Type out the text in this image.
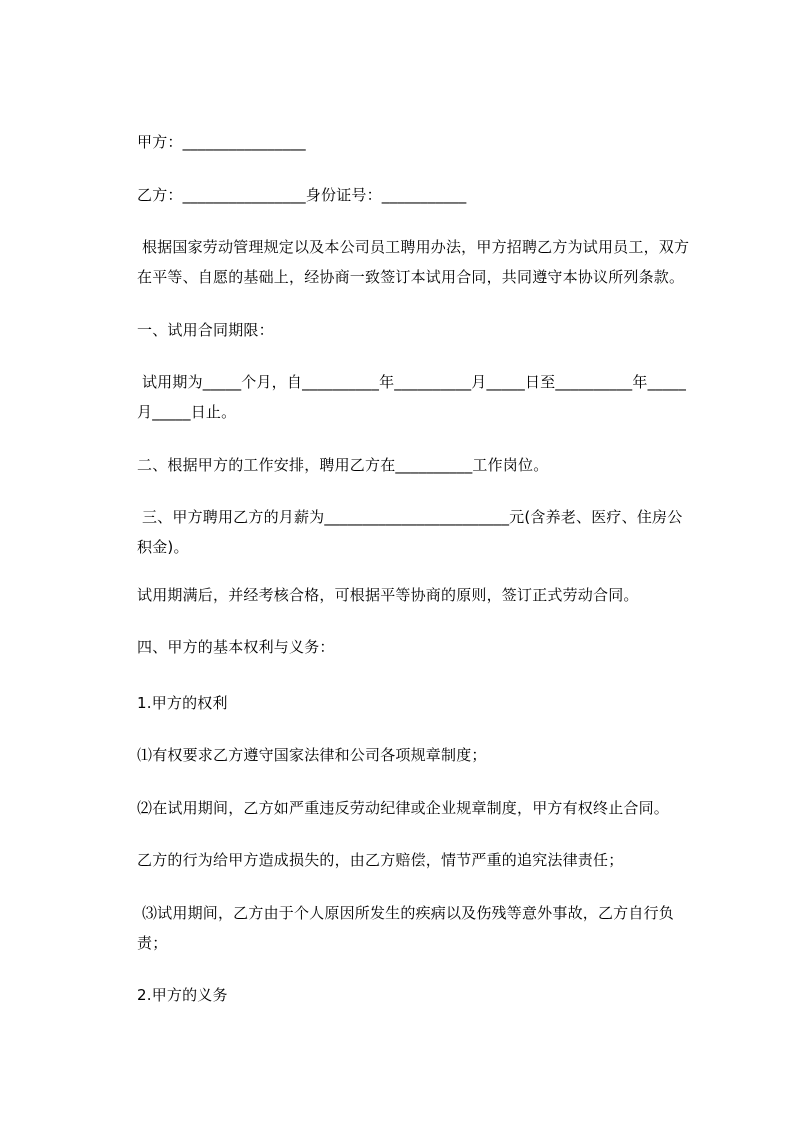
甲方：________________

乙方：________________身份证号：___________

根据国家劳动管理规定以及本公司员工聘用办法，甲方招聘乙方为试用员工，双方在平等、自愿的基础上，经协商一致签订本试用合同，共同遵守本协议所列条款。

一、试用合同期限：

试用期为_____个月，自__________年__________月_____日至__________年_____月_____日止。

二、根据甲方的工作安排，聘用乙方在__________工作岗位。

三、甲方聘用乙方的月薪为________________________元(含养老、医疗、住房公积金)。

试用期满后，并经考核合格，可根据平等协商的原则，签订正式劳动合同。

四、甲方的基本权利与义务：

1.甲方的权利

⑴有权要求乙方遵守国家法律和公司各项规章制度；

⑵在试用期间，乙方如严重违反劳动纪律或企业规章制度，甲方有权终止合同。

乙方的行为给甲方造成损失的，由乙方赔偿，情节严重的追究法律责任；

⑶试用期间，乙方由于个人原因所发生的疾病以及伤残等意外事故，乙方自行负责；

2.甲方的义务
